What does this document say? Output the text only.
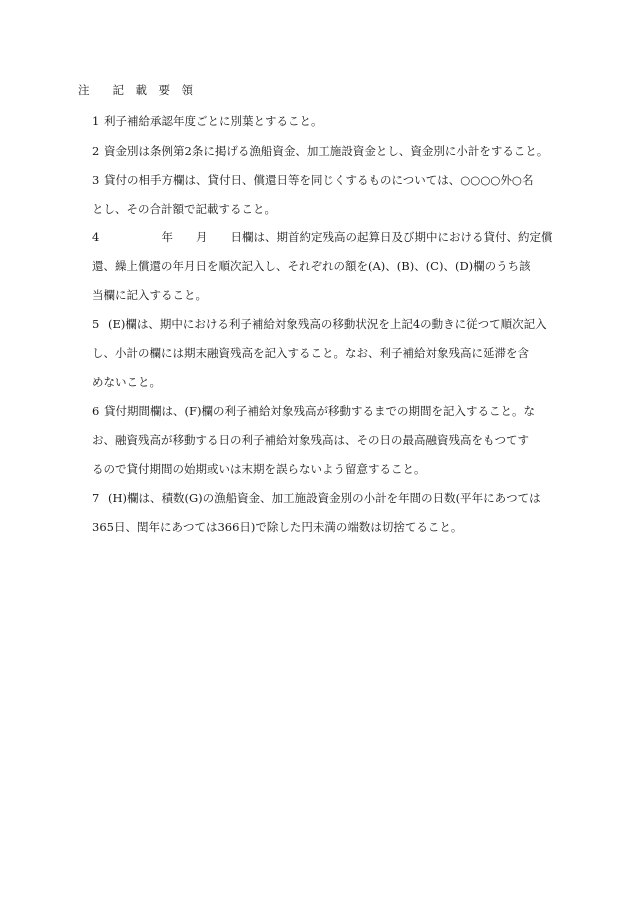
注　　記　載　要　領
1 利子補給承認年度ごとに別葉とすること。
2 資金別は条例第2条に掲げる漁船資金、加工施設資金とし、資金別に小計をすること。
3 貸付の相手方欄は、貸付日、償還日等を同じくするものについては、○○○○外○名
とし、その合計額で記載すること。
4 　　　　　年　　月　　日欄は、期首約定残高の起算日及び期中における貸付、約定償
還、繰上償還の年月日を順次記入し、それぞれの額を(A)、(B)、(C)、(D)欄のうち該
当欄に記入すること。
5 (E)欄は、期中における利子補給対象残高の移動状況を上記4の動きに従つて順次記入
し、小計の欄には期末融資残高を記入すること。なお、利子補給対象残高に延滞を含
めないこと。
6 貸付期間欄は、(F)欄の利子補給対象残高が移動するまでの期間を記入すること。な
お、融資残高が移動する日の利子補給対象残高は、その日の最高融資残高をもつてす
るので貸付期間の始期或いは末期を誤らないよう留意すること。
7 (H)欄は、積数(G)の漁船資金、加工施設資金別の小計を年間の日数(平年にあつては
365日、閏年にあつては366日)で除した円未満の端数は切捨てること。
